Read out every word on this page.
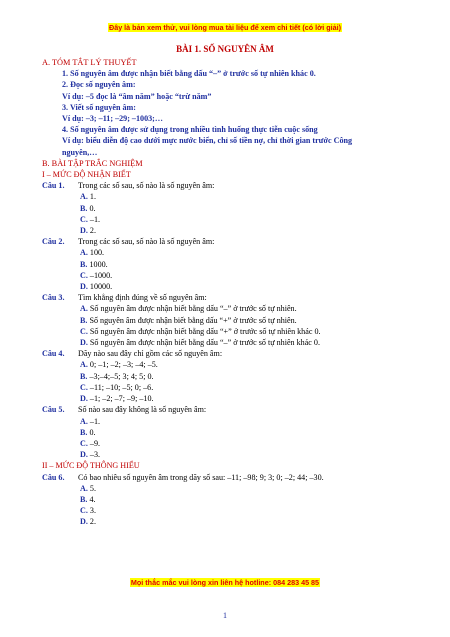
Đây là bản xem thử, vui lòng mua tài liệu để xem chi tiết (có lời giải)
BÀI 1. SỐ NGUYÊN ÂM
A. TÓM TẮT LÝ THUYẾT
1. Số nguyên âm được nhận biết bằng dấu “–” ở trước số tự nhiên khác 0.
2. Đọc số nguyên âm:
Ví dụ: –5 đọc là “âm năm” hoặc “trừ năm”
3. Viết số nguyên âm:
Ví dụ: –3; –11; –29; –1003;…
4. Số nguyên âm được sử dụng trong nhiều tình huống thực tiễn cuộc sống
Ví dụ: biểu diễn độ cao dưới mực nước biển, chỉ số tiền nợ, chỉ thời gian trước Công
nguyên,…
B. BÀI TẬP TRẮC NGHIỆM
I – MỨC ĐỘ NHẬN BIẾT
Câu 1.	Trong các số sau, số nào là số nguyên âm:
A. 1.
B. 0.
C. –1.
D. 2.
Câu 2.	Trong các số sau, số nào là số nguyên âm:
A. 100.
B. 1000.
C. –1000.
D. 10000.
Câu 3.	Tìm khẳng định đúng về số nguyên âm:
A. Số nguyên âm được nhận biết bằng dấu “–” ở trước số tự nhiên.
B. Số nguyên âm được nhận biết bằng dấu “+” ở trước số tự nhiên.
C. Số nguyên âm được nhận biết bằng dấu “+” ở trước số tự nhiên khác 0.
D. Số nguyên âm được nhận biết bằng dấu “–” ở trước số tự nhiên khác 0.
Câu 4.	Dãy nào sau đây chỉ gồm các số nguyên âm:
A. 0; –1; –2; –3; –4; –5.
B. –3;–4;–5; 3; 4; 5; 0.
C. –11; –10; –5; 0; –6.
D. –1; –2; –7; –9; –10.
Câu 5.	Số nào sau đây không là số nguyên âm:
A. –1.
B. 0.
C. –9.
D. –3.
II – MỨC ĐỘ THÔNG HIỂU
Câu 6.	Có bao nhiêu số nguyên âm trong dãy số sau: –11; –98; 9; 3; 0; –2; 44; –30.
A. 5.
B. 4.
C. 3.
D. 2.
Mọi thắc mắc vui lòng xin liên hệ hotline: 084 283 45 85
1
